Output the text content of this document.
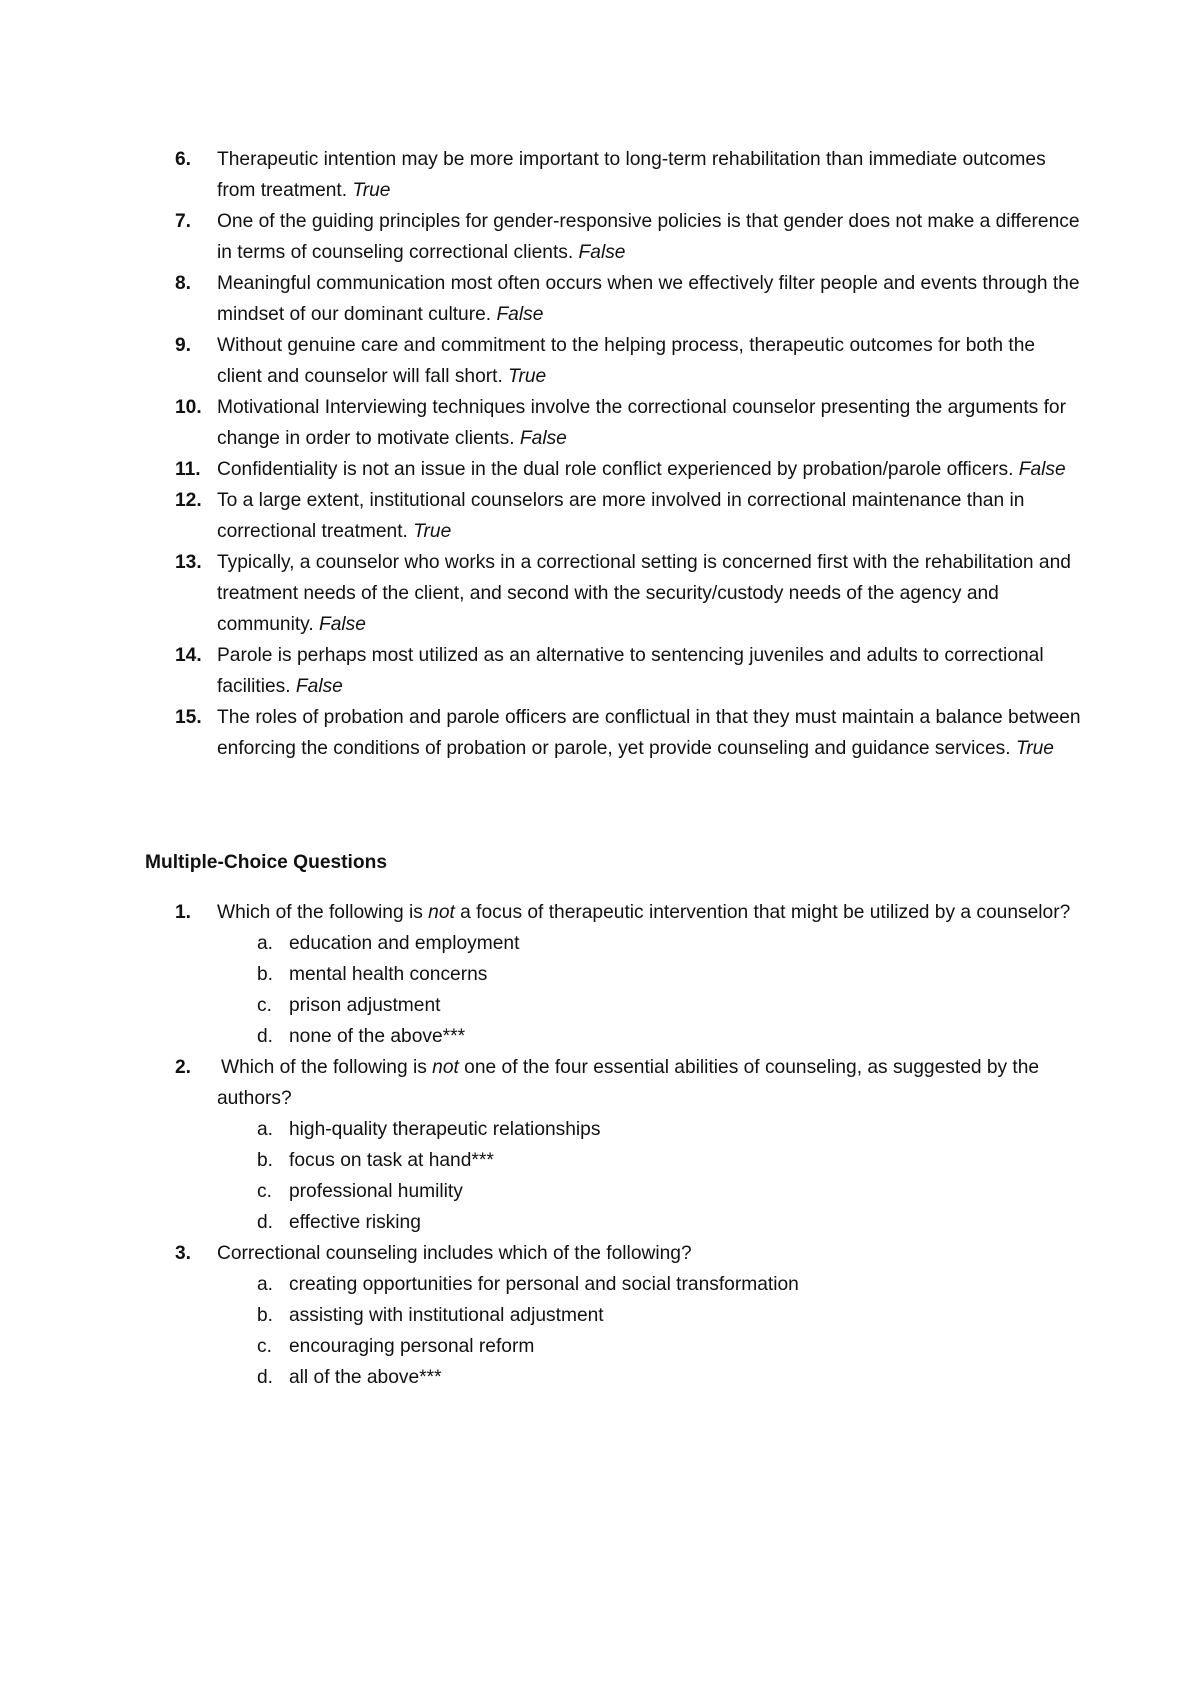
6. Therapeutic intention may be more important to long-term rehabilitation than immediate outcomes from treatment. True
7. One of the guiding principles for gender-responsive policies is that gender does not make a difference in terms of counseling correctional clients. False
8. Meaningful communication most often occurs when we effectively filter people and events through the mindset of our dominant culture. False
9. Without genuine care and commitment to the helping process, therapeutic outcomes for both the client and counselor will fall short. True
10. Motivational Interviewing techniques involve the correctional counselor presenting the arguments for change in order to motivate clients. False
11. Confidentiality is not an issue in the dual role conflict experienced by probation/parole officers. False
12. To a large extent, institutional counselors are more involved in correctional maintenance than in correctional treatment. True
13. Typically, a counselor who works in a correctional setting is concerned first with the rehabilitation and treatment needs of the client, and second with the security/custody needs of the agency and community. False
14. Parole is perhaps most utilized as an alternative to sentencing juveniles and adults to correctional facilities. False
15. The roles of probation and parole officers are conflictual in that they must maintain a balance between enforcing the conditions of probation or parole, yet provide counseling and guidance services. True
Multiple-Choice Questions
1. Which of the following is not a focus of therapeutic intervention that might be utilized by a counselor?
a. education and employment
b. mental health concerns
c. prison adjustment
d. none of the above***
2. Which of the following is not one of the four essential abilities of counseling, as suggested by the authors?
a. high-quality therapeutic relationships
b. focus on task at hand***
c. professional humility
d. effective risking
3. Correctional counseling includes which of the following?
a. creating opportunities for personal and social transformation
b. assisting with institutional adjustment
c. encouraging personal reform
d. all of the above***
